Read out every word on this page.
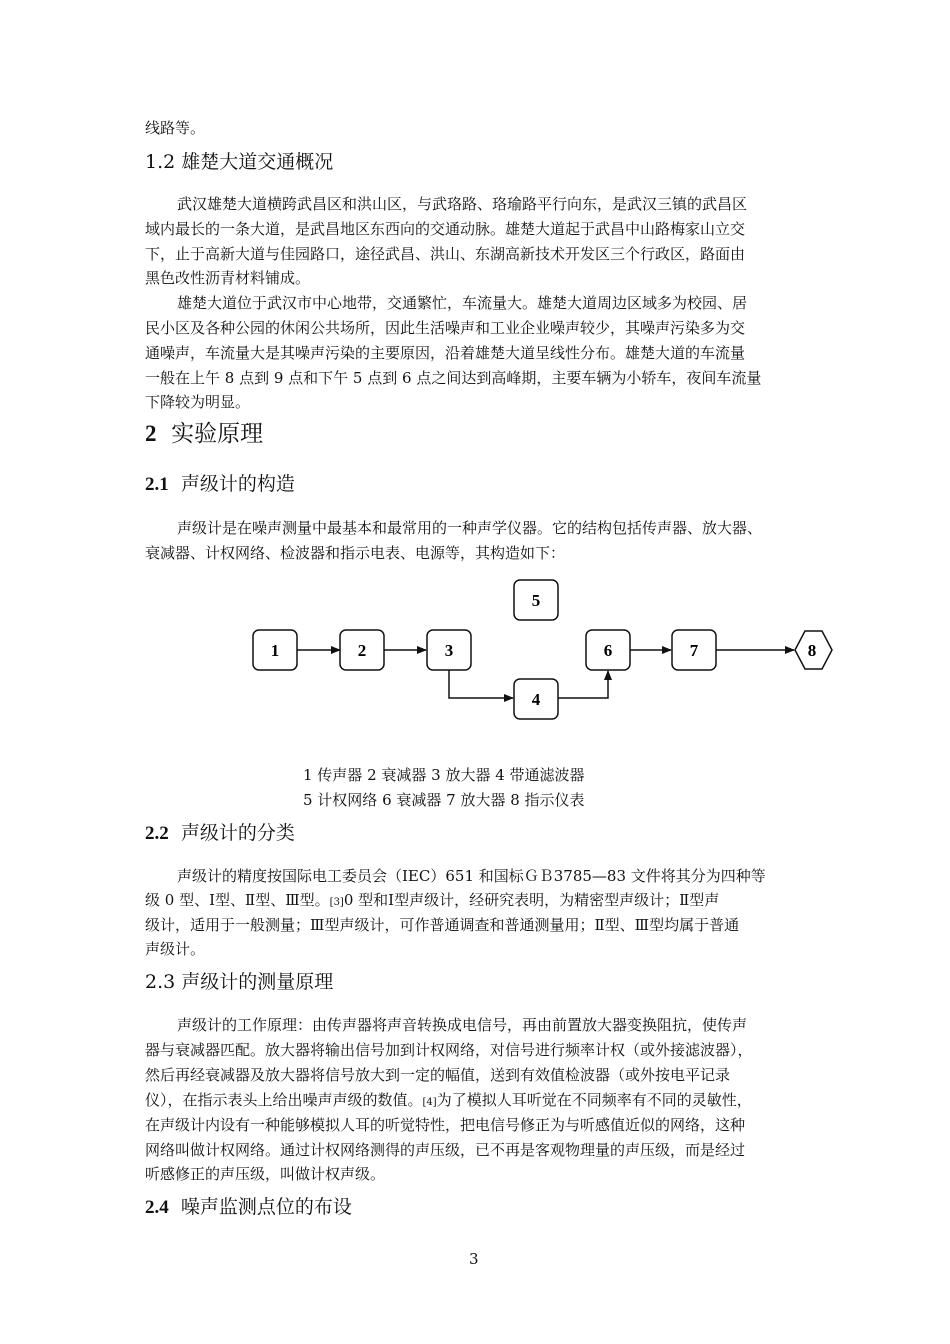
线路等。
1.2 雄楚大道交通概况
武汉雄楚大道横跨武昌区和洪山区，与武珞路、珞瑜路平行向东，是武汉三镇的武昌区
域内最长的一条大道，是武昌地区东西向的交通动脉。雄楚大道起于武昌中山路梅家山立交
下，止于高新大道与佳园路口，途径武昌、洪山、东湖高新技术开发区三个行政区，路面由
黑色改性沥青材料铺成。
雄楚大道位于武汉市中心地带，交通繁忙，车流量大。雄楚大道周边区域多为校园、居
民小区及各种公园的休闲公共场所，因此生活噪声和工业企业噪声较少，其噪声污染多为交
通噪声，车流量大是其噪声污染的主要原因，沿着雄楚大道呈线性分布。雄楚大道的车流量
一般在上午 8 点到 9 点和下午 5 点到 6 点之间达到高峰期，主要车辆为小轿车，夜间车流量
下降较为明显。
2 实验原理
2.1 声级计的构造
声级计是在噪声测量中最基本和最常用的一种声学仪器。它的结构包括传声器、放大器、
衰减器、计权网络、检波器和指示电表、电源等，其构造如下：
1	2	3
4
5
6	7	8
1 传声器 2 衰减器 3 放大器 4 带通滤波器
5 计权网络 6 衰减器 7 放大器 8 指示仪表
2.2 声级计的分类
声级计的精度按国际电工委员会（IEC）651 和国标ＧＢ3785—83 文件将其分为四种等
级 0 型、Ⅰ型、Ⅱ型、Ⅲ型。[3]0 型和Ⅰ型声级计，经研究表明，为精密型声级计；Ⅱ型声
级计，适用于一般测量；Ⅲ型声级计，可作普通调查和普通测量用；Ⅱ型、Ⅲ型均属于普通
声级计。
2.3 声级计的测量原理
声级计的工作原理：由传声器将声音转换成电信号，再由前置放大器变换阻抗，使传声
器与衰减器匹配。放大器将输出信号加到计权网络，对信号进行频率计权（或外接滤波器），
然后再经衰减器及放大器将信号放大到一定的幅值，送到有效值检波器（或外按电平记录
仪），在指示表头上给出噪声声级的数值。[4]为了模拟人耳听觉在不同频率有不同的灵敏性，
在声级计内设有一种能够模拟人耳的听觉特性，把电信号修正为与听感值近似的网络，这种
网络叫做计权网络。通过计权网络测得的声压级，已不再是客观物理量的声压级，而是经过
听感修正的声压级，叫做计权声级。
2.4 噪声监测点位的布设
3
